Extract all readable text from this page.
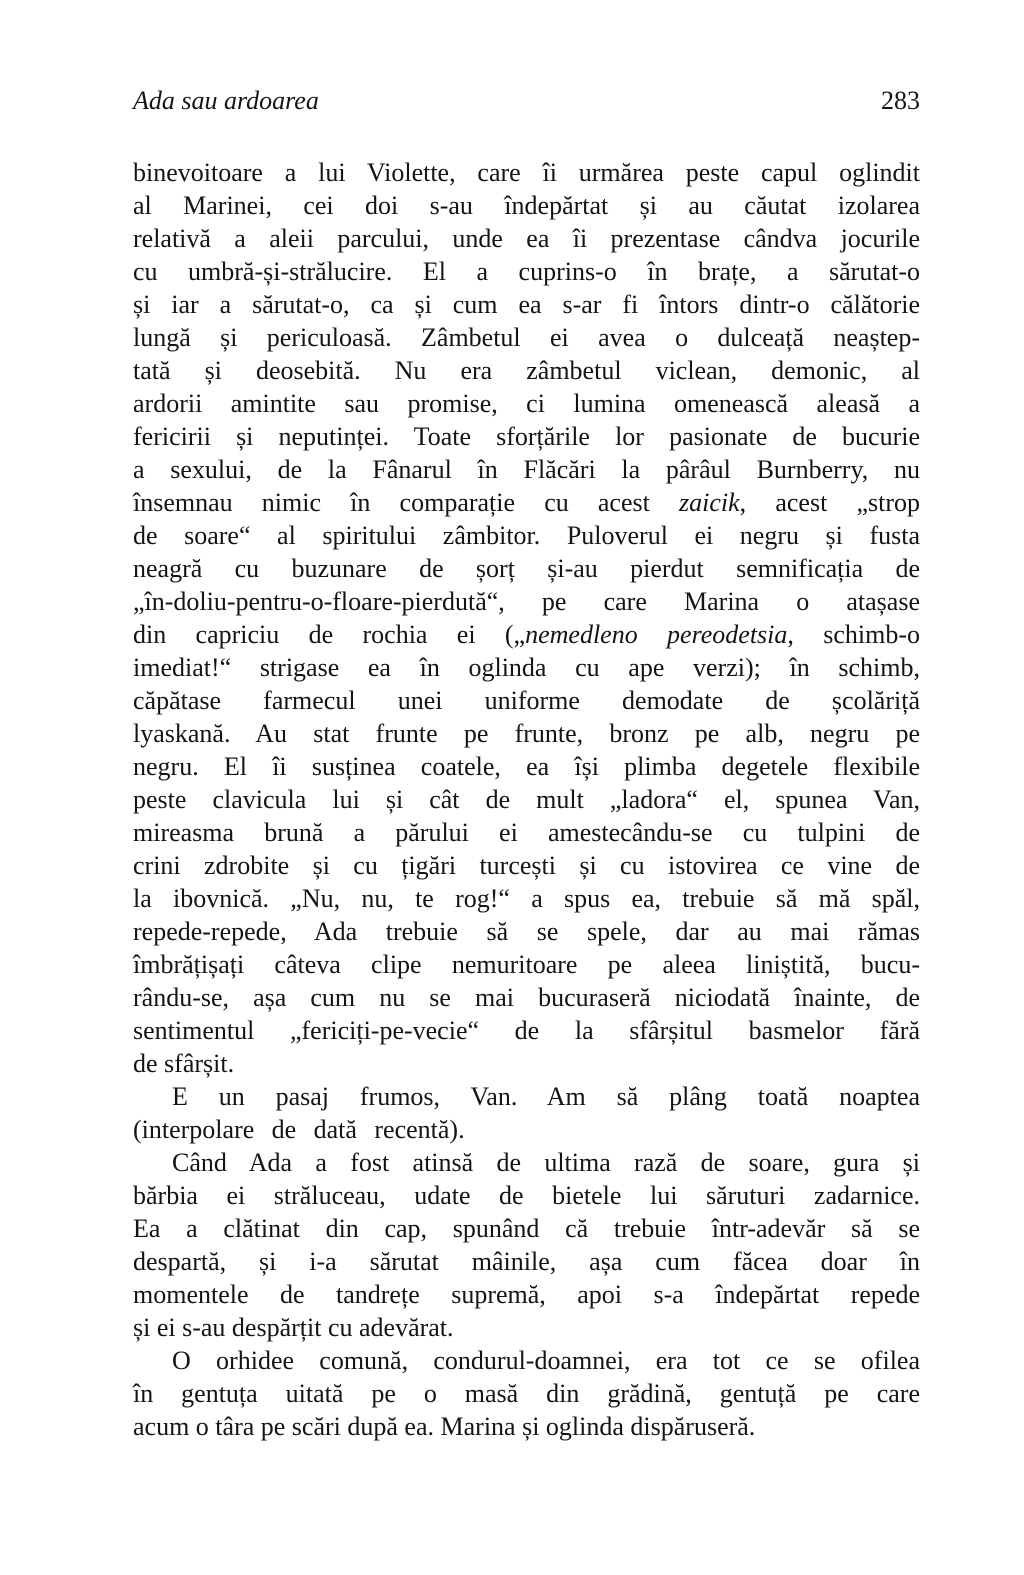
Ada sau ardoarea	283
binevoitoare a lui Violette, care îi urmărea peste capul oglindit
al Marinei, cei doi s-au îndepărtat și au căutat izolarea
relativă a aleii parcului, unde ea îi prezentase cândva jocurile
cu umbră-și-strălucire. El a cuprins-o în brațe, a sărutat-o
și iar a sărutat-o, ca și cum ea s-ar fi întors dintr-o călătorie
lungă și periculoasă. Zâmbetul ei avea o dulceață neaștep-
tată și deosebită. Nu era zâmbetul viclean, demonic, al
ardorii amintite sau promise, ci lumina omenească aleasă a
fericirii și neputinței. Toate sforțările lor pasionate de bucurie
a sexului, de la Fânarul în Flăcări la pârâul Burnberry, nu
însemnau nimic în comparație cu acest zaicik, acest „strop
de soare“ al spiritului zâmbitor. Puloverul ei negru și fusta
neagră cu buzunare de șorț și-au pierdut semnificația de
„în-doliu-pentru-o-floare-pierdută“, pe care Marina o atașase
din capriciu de rochia ei („nemedleno pereodetsia, schimb-o
imediat!“ strigase ea în oglinda cu ape verzi); în schimb,
căpătase farmecul unei uniforme demodate de școlăriță
lyaskană. Au stat frunte pe frunte, bronz pe alb, negru pe
negru. El îi susținea coatele, ea își plimba degetele flexibile
peste clavicula lui și cât de mult „ladora“ el, spunea Van,
mireasma brună a părului ei amestecându-se cu tulpini de
crini zdrobite și cu țigări turcești și cu istovirea ce vine de
la ibovnică. „Nu, nu, te rog!“ a spus ea, trebuie să mă spăl,
repede-repede, Ada trebuie să se spele, dar au mai rămas
îmbrățișați câteva clipe nemuritoare pe aleea liniștită, bucu-
rându-se, așa cum nu se mai bucuraseră niciodată înainte, de
sentimentul „fericiți-pe-vecie“ de la sfârșitul basmelor fără
de sfârșit.
E un pasaj frumos, Van. Am să plâng toată noaptea
(interpolare de dată recentă).
Când Ada a fost atinsă de ultima rază de soare, gura și
bărbia ei străluceau, udate de bietele lui săruturi zadarnice.
Ea a clătinat din cap, spunând că trebuie într-adevăr să se
despartă, și i-a sărutat mâinile, așa cum făcea doar în
momentele de tandrețe supremă, apoi s-a îndepărtat repede
și ei s-au despărțit cu adevărat.
O orhidee comună, condurul-doamnei, era tot ce se ofilea
în gentuța uitată pe o masă din grădină, gentuță pe care
acum o târa pe scări după ea. Marina și oglinda dispăruseră.
